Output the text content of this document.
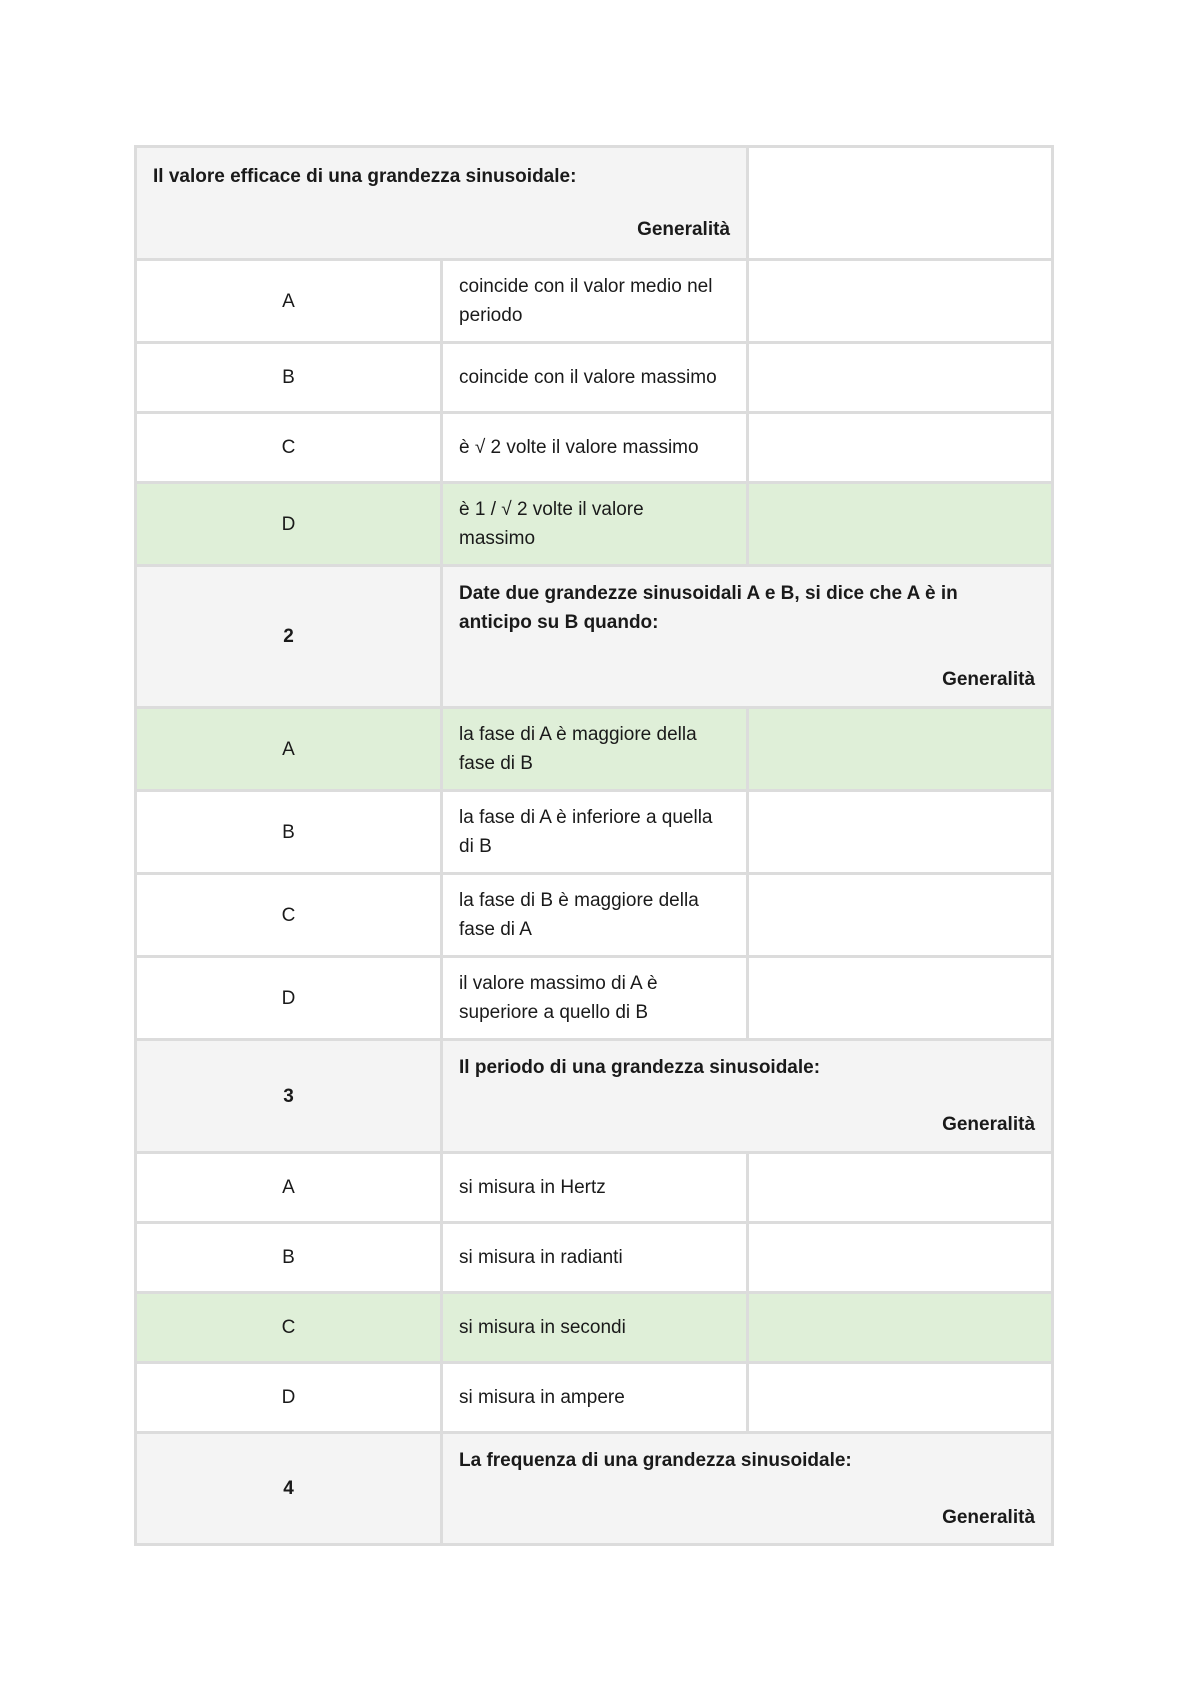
Il valore efficace di una grandezza sinusoidale:
Generalità		

A	coincide con il valor medio nel periodo	
B	coincide con il valore massimo	
C	è √ 2 volte il valore massimo	
D	è 1 / √ 2 volte il valore massimo	
2	Date due grandezze sinusoidali A e B, si dice che A è in anticipo su B quando:
Generalità	

A	la fase di A è maggiore della fase di B	
B	la fase di A è inferiore a quella di B	
C	la fase di B è maggiore della fase di A	
D	il valore massimo di A è superiore a quello di B	
3	Il periodo di una grandezza sinusoidale:
Generalità	

A	si misura in Hertz	
B	si misura in radianti	
C	si misura in secondi	
D	si misura in ampere	
4	La frequenza di una grandezza sinusoidale:
Generalità	
